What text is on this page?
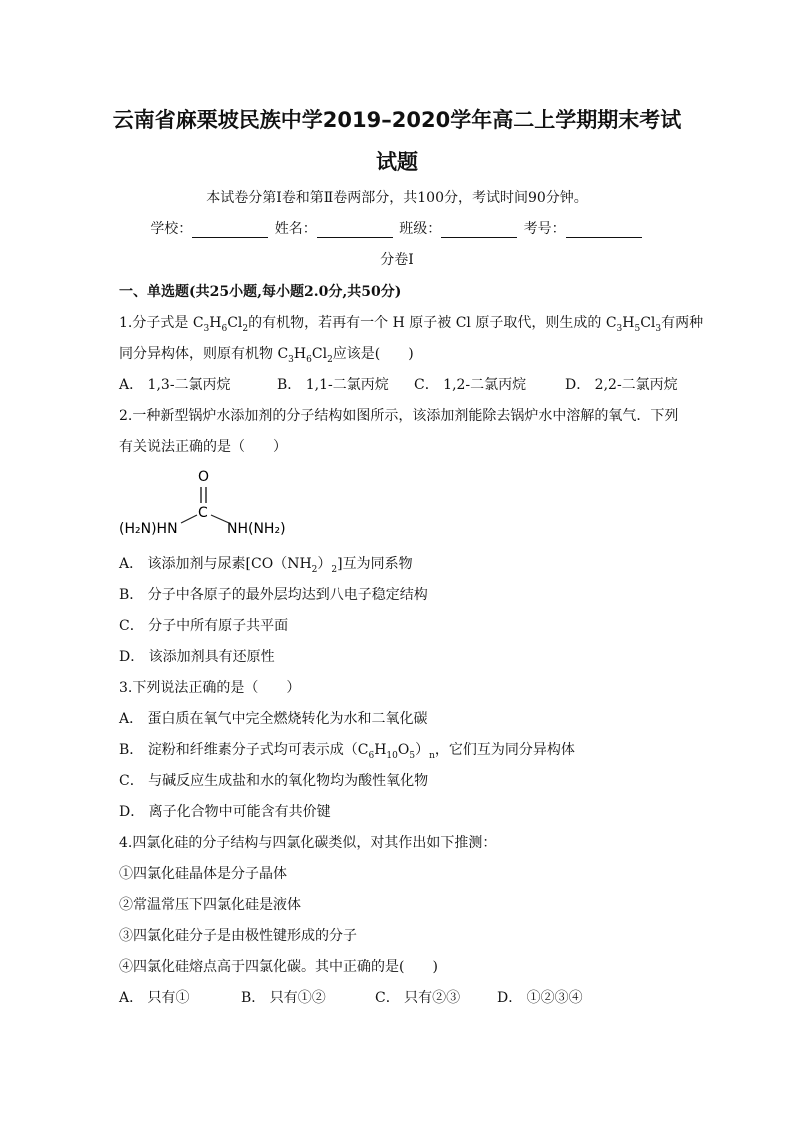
云南省麻栗坡民族中学2019–2020学年高二上学期期末考试
试题
本试卷分第Ⅰ卷和第Ⅱ卷两部分，共100分，考试时间90分钟。
学校：	姓名：	班级：	考号：
分卷I
一、单选题(共25小题,每小题2.0分,共50分)
1.分子式是 $C_3H_6Cl_2$的有机物，若再有一个 H 原子被 Cl 原子取代，则生成的 $C_3H_5Cl_3$有两种
同分异构体，则原有机物 $C_3H_6Cl_2$应该是(　　)
A． 1,3-二氯丙烷	B． 1,1-二氯丙烷 C． 1,2-二氯丙烷	D． 2,2-二氯丙烷
2.一种新型锅炉水添加剂的分子结构如图所示，该添加剂能除去锅炉水中溶解的氧气．下列
有关说法正确的是（　　）
O
C
(H₂N)HN	NH(NH₂)
A． 该添加剂与尿素$[CO(NH_2)_2]$互为同系物
B． 分子中各原子的最外层均达到八电子稳定结构
C． 分子中所有原子共平面
D． 该添加剂具有还原性
3.下列说法正确的是（　　）
A． 蛋白质在氧气中完全燃烧转化为水和二氧化碳
B． 淀粉和纤维素分子式均可表示成$(C_6H_{10}O_5)_n$，它们互为同分异构体
C． 与碱反应生成盐和水的氧化物均为酸性氧化物
D． 离子化合物中可能含有共价键
4.四氯化硅的分子结构与四氯化碳类似，对其作出如下推测：
①四氯化硅晶体是分子晶体
②常温常压下四氯化硅是液体
③四氯化硅分子是由极性键形成的分子
④四氯化硅熔点高于四氯化碳。其中正确的是(　　)
A． 只有①	B． 只有①②	C． 只有②③	D． ①②③④
